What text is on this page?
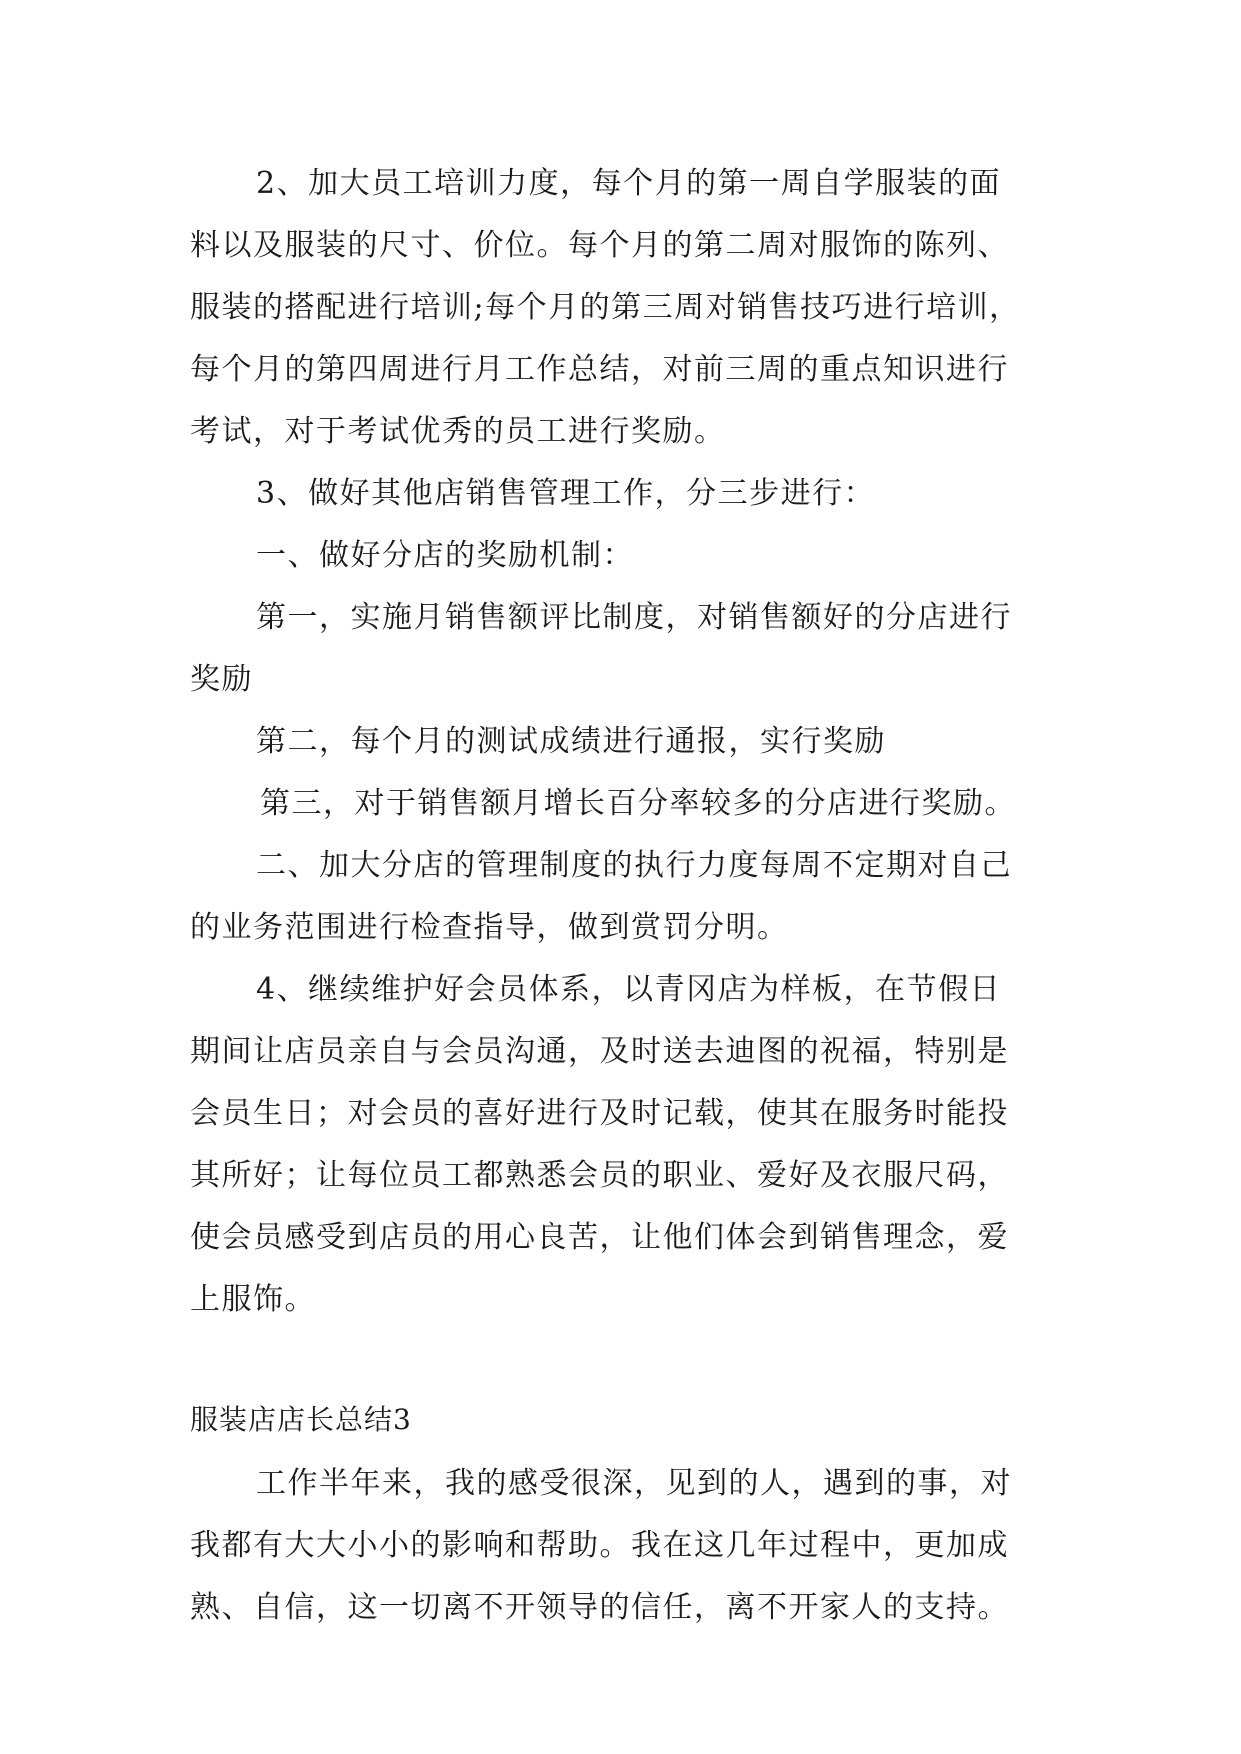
2、加大员工培训力度，每个月的第一周自学服装的面
料以及服装的尺寸、价位。每个月的第二周对服饰的陈列、
服装的搭配进行培训;每个月的第三周对销售技巧进行培训，
每个月的第四周进行月工作总结，对前三周的重点知识进行
考试，对于考试优秀的员工进行奖励。
3、做好其他店销售管理工作，分三步进行：
一、做好分店的奖励机制：
第一，实施月销售额评比制度，对销售额好的分店进行
奖励
第二，每个月的测试成绩进行通报，实行奖励
第三，对于销售额月增长百分率较多的分店进行奖励。
二、加大分店的管理制度的执行力度每周不定期对自己
的业务范围进行检查指导，做到赏罚分明。
4、继续维护好会员体系，以青冈店为样板，在节假日
期间让店员亲自与会员沟通，及时送去迪图的祝福，特别是
会员生日；对会员的喜好进行及时记载，使其在服务时能投
其所好；让每位员工都熟悉会员的职业、爱好及衣服尺码，
使会员感受到店员的用心良苦，让他们体会到销售理念，爱
上服饰。
服装店店长总结3
工作半年来，我的感受很深，见到的人，遇到的事，对
我都有大大小小的影响和帮助。我在这几年过程中，更加成
熟、自信，这一切离不开领导的信任，离不开家人的支持。
